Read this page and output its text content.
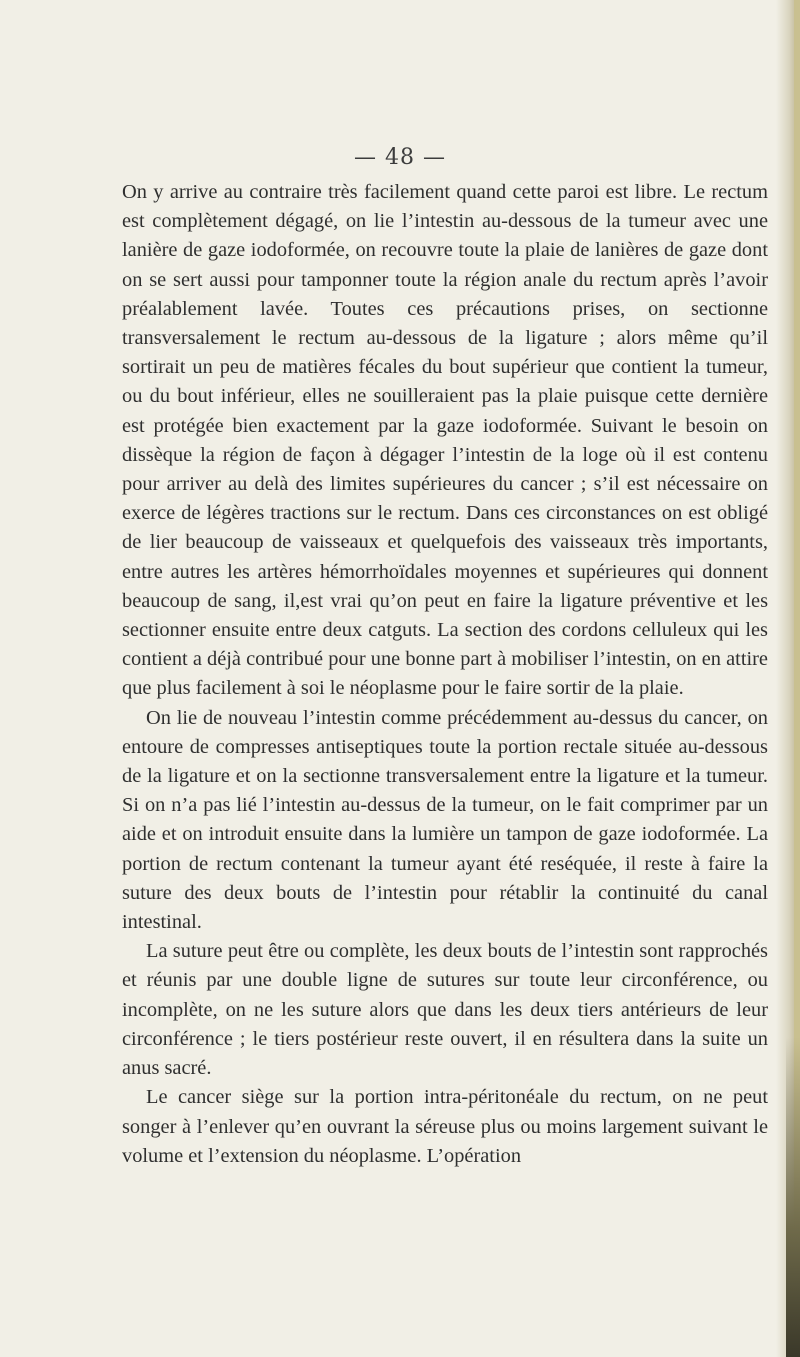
— 48 —

On y arrive au contraire très facilement quand cette paroi est libre. Le rectum est complètement dégagé, on lie l’intestin au-dessous de la tumeur avec une lanière de gaze iodoformée, on recouvre toute la plaie de lanières de gaze dont on se sert aussi pour tamponner toute la région anale du rectum après l’avoir préalablement lavée. Toutes ces précautions prises, on sectionne transversalement le rectum au-dessous de la ligature ; alors même qu’il sortirait un peu de matières fécales du bout supérieur que contient la tumeur, ou du bout inférieur, elles ne souilleraient pas la plaie puisque cette dernière est protégée bien exactement par la gaze iodoformée. Suivant le besoin on dissèque la région de façon à dégager l’intestin de la loge où il est contenu pour arriver au delà des limites supérieures du cancer ; s’il est nécessaire on exerce de légères tractions sur le rectum. Dans ces circonstances on est obligé de lier beaucoup de vaisseaux et quelquefois des vaisseaux très importants, entre autres les artères hémorrhoïdales moyennes et supérieures qui donnent beaucoup de sang, il,est vrai qu’on peut en faire la ligature préventive et les sectionner ensuite entre deux catguts. La section des cordons celluleux qui les contient a déjà contribué pour une bonne part à mobiliser l’intestin, on en attire que plus facilement à soi le néoplasme pour le faire sortir de la plaie.

On lie de nouveau l’intestin comme précédemment au-dessus du cancer, on entoure de compresses antiseptiques toute la portion rectale située au-dessous de la ligature et on la sectionne transversalement entre la ligature et la tumeur. Si on n’a pas lié l’intestin au-dessus de la tumeur, on le fait comprimer par un aide et on introduit ensuite dans la lumière un tampon de gaze iodoformée. La portion de rectum contenant la tumeur ayant été reséquée, il reste à faire la suture des deux bouts de l’intestin pour rétablir la continuité du canal intestinal.

La suture peut être ou complète, les deux bouts de l’intestin sont rapprochés et réunis par une double ligne de sutures sur toute leur circonférence, ou incomplète, on ne les suture alors que dans les deux tiers antérieurs de leur circonférence ; le tiers postérieur reste ouvert, il en résultera dans la suite un anus sacré.

Le cancer siège sur la portion intra-péritonéale du rectum, on ne peut songer à l’enlever qu’en ouvrant la séreuse plus ou moins largement suivant le volume et l’extension du néoplasme. L’opération
